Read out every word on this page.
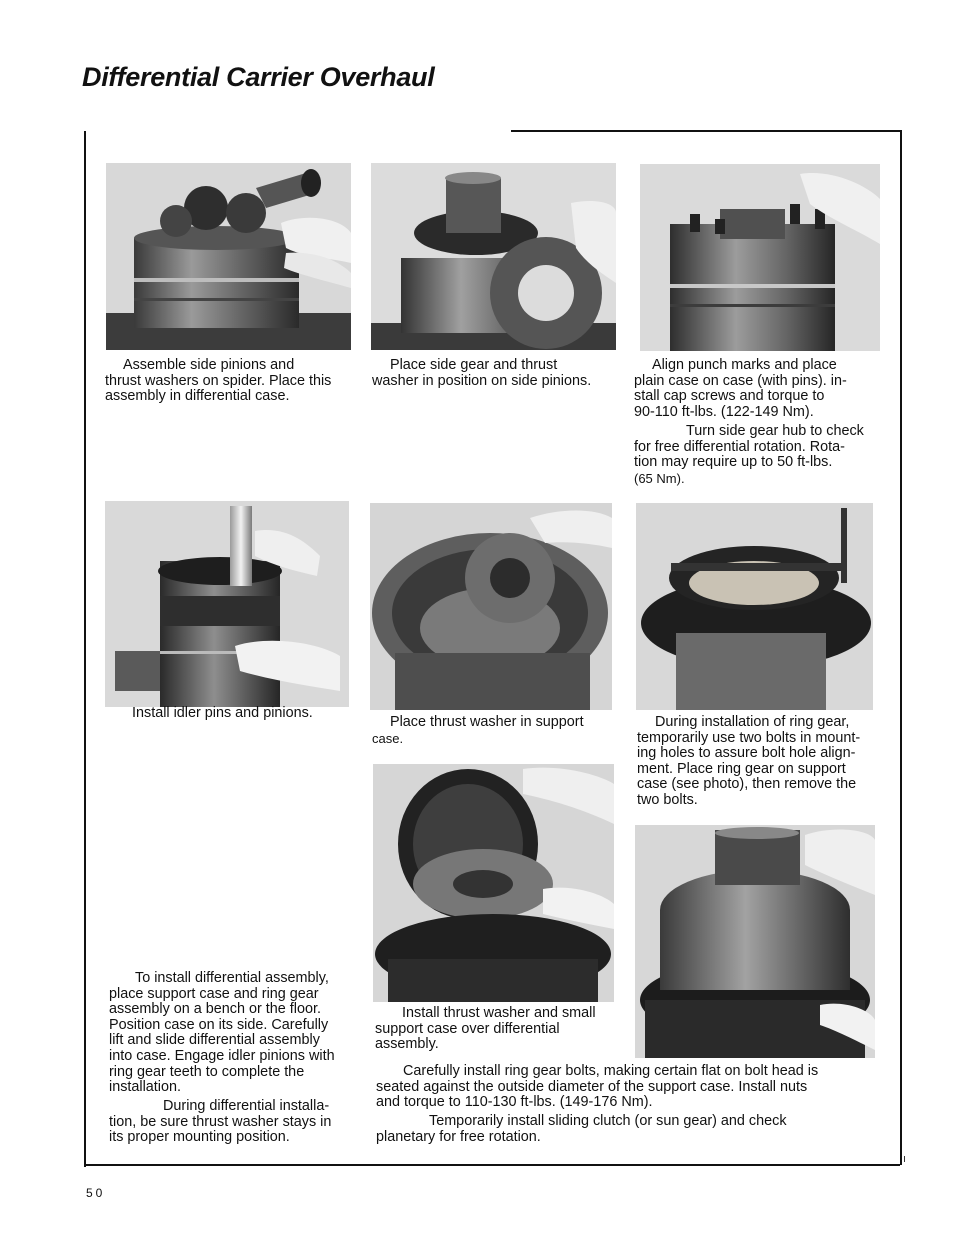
Differential Carrier Overhaul
Assemble side pinions and
thrust washers on spider. Place this
assembly in differential case.
Place side gear and thrust
washer in position on side pinions.
Align punch marks and place
plain case on case (with pins). in-
stall cap screws and torque to
90-110 ft-lbs. (122-149 Nm).
Turn side gear hub to check
for free differential rotation. Rota-
tion may require up to 50 ft-lbs.
(65 Nm).
Install idler pins and pinions.
Place thrust washer in support
case.
During installation of ring gear,
temporarily use two bolts in mount-
ing holes to assure bolt hole align-
ment. Place ring gear on support
case (see photo), then remove the
two bolts.
To install differential assembly,
place support case and ring gear
assembly on a bench or the floor.
Position case on its side. Carefully
lift and slide differential assembly
into case. Engage idler pinions with
ring gear teeth to complete the
installation.
During differential installa-
tion, be sure thrust washer stays in
its proper mounting position.
Install thrust washer and small
support case over differential
assembly.
Carefully install ring gear bolts, making certain flat on bolt head is
seated against the outside diameter of the support case. Install nuts
and torque to 110-130 ft-lbs. (149-176 Nm).
Temporarily install sliding clutch (or sun gear) and check
planetary for free rotation.
50
